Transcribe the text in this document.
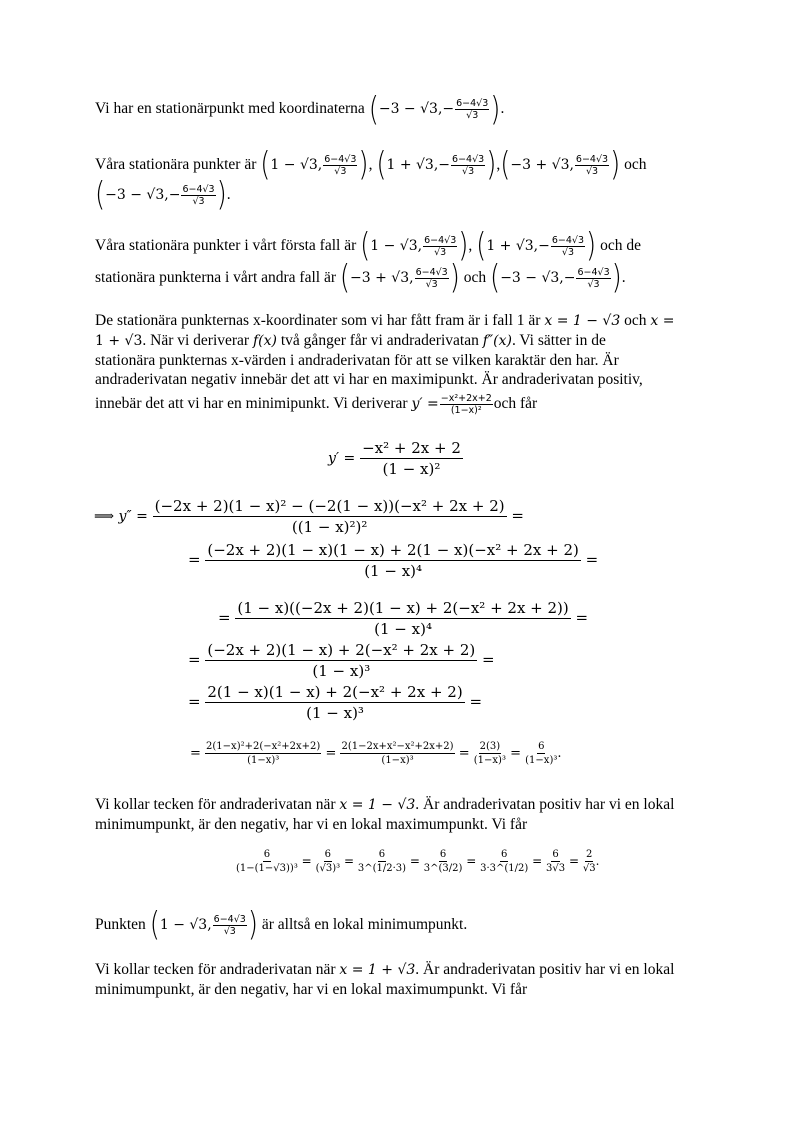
Vi har en stationärpunkt med koordinaterna ($-3 - √3,- \frac{6-4√3}{√3}$ ).
Våra stationära punkter är (1 − √3, $\frac{6-4√3}{√3}$ ), $(1 + √3,- \frac{6-4√3}{√3} ),(-3 + √3$, $\frac{6-4√3}{√3}$ ) och
($-3 - √3,- \frac{6-4√3}{√3}$ ).
Våra stationära punkter i vårt första fall är (1 − √3, $\frac{6-4√3}{√3}$ ), ($1 + √3,- \frac{6-4√3}{√3}$ ) och de
stationära punkterna i vårt andra fall är (−3 + √3, $\frac{6-4√3}{√3}$ ) och ($-3 - √3,- \frac{6-4√3}{√3}$ ).
De stationära punkternas x-koordinater som vi har fått fram är i fall 1 är x = 1 − √3 och x =
1 + √3. När vi deriverar f(x) två gånger får vi andraderivatan f″(x). Vi sätter in de
stationära punkternas x-värden i andraderivatan för att se vilken karaktär den har. Är
andraderivatan negativ innebär det att vi har en maximipunkt. Är andraderivatan positiv,
innebär det att vi har en minimipunkt. Vi deriverar $y' = \frac{\text{−x²+2x+2}}{\text{(1−x)²}}$ och får
$y' = \frac{\text{−x² + 2x + 2}}{\text{(1 − x)²}}$
⟹ $y'' = \frac{\text{(−2x + 2)(1 − x)² − (−2(1 − x))(−x² + 2x + 2)}}{\text{((1 − x)²)²}}$ =
= $\frac{\text{(−2x + 2)(1 − x)(1 − x) + 2(1 − x)(−x² + 2x + 2)}}{\text{(1 − x)⁴}}$ =
= $\frac{\text{(1 − x)((−2x + 2)(1 − x) + 2(−x² + 2x + 2))}}{\text{(1 − x)⁴}}$ =
= $\frac{\text{(−2x + 2)(1 − x) + 2(−x² + 2x + 2)}}{\text{(1 − x)³}}$ =
= $\frac{\text{2(1 − x)(1 − x) + 2(−x² + 2x + 2)}}{\text{(1 − x)³}}$ =
= $\frac{\text{2(1−x)²+2(−x²+2x+2)}}{\text{(1−x)³}} = \frac{\text{2(1−2x+x²−x²+2x+2)}}{\text{(1−x)³}} = \frac{2(3)}{\text{(1−x)³}} = \frac{6}{\text{(1−x)³}}$ .
Vi kollar tecken för andraderivatan när x = 1 − √3. Är andraderivatan positiv har vi en lokal
minimumpunkt, är den negativ, har vi en lokal maximumpunkt. Vi får
$\frac{6}{\text{(1−(1−√3))³}} = \frac{6}{\text{(√3)³}} = \frac{6}{3\^{}(1/2\cdot 3)} = \frac{6}{3\^{}(3/2)} = \frac{6}{3\cdot 3\^{}(1/2)} = \frac{6}{3√3} = \frac{2}{√3}$ .
Punkten (1 − √3, $\frac{6-4√3}{√3}$ ) är alltså en lokal minimumpunkt.
Vi kollar tecken för andraderivatan när x = 1 + √3. Är andraderivatan positiv har vi en lokal
minimumpunkt, är den negativ, har vi en lokal maximumpunkt. Vi får
